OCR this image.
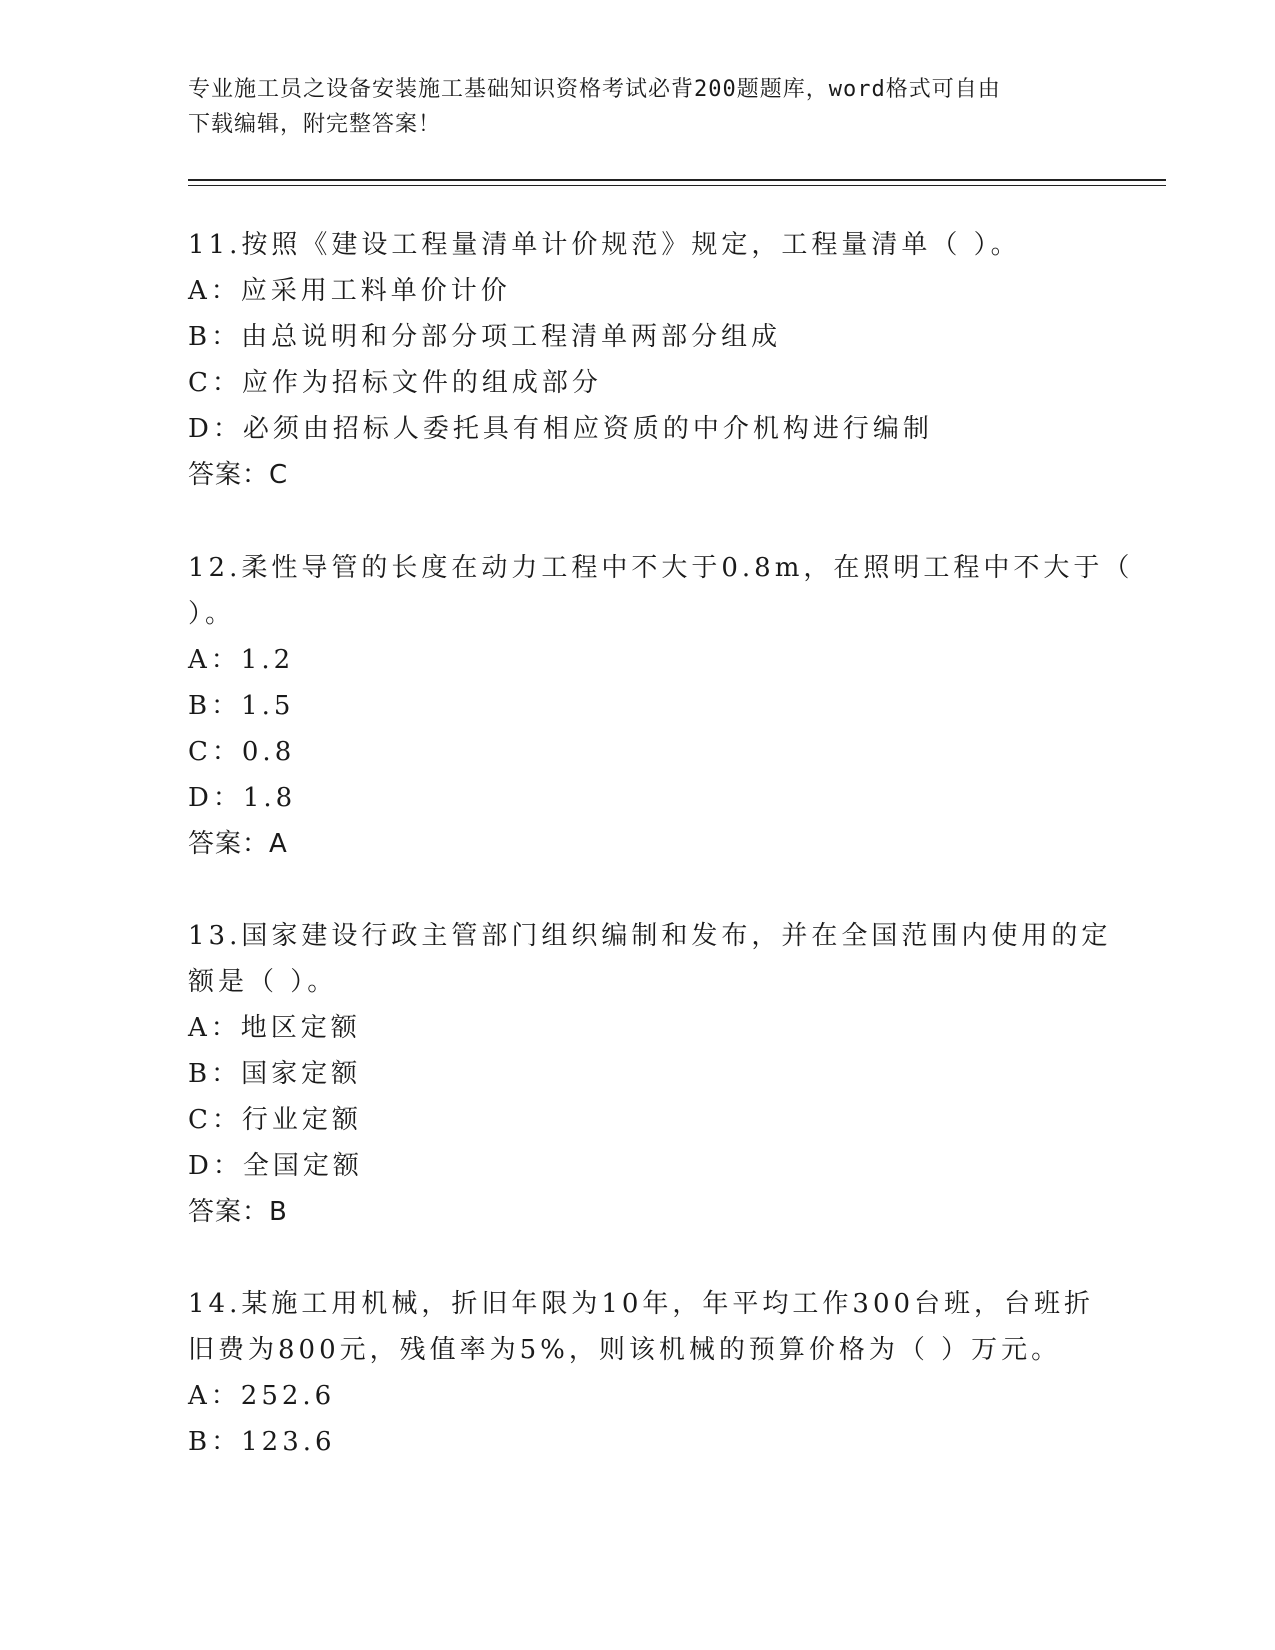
专业施工员之设备安装施工基础知识资格考试必背200题题库，word格式可自由
下载编辑，附完整答案！
11.按照《建设工程量清单计价规范》规定，工程量清单（ ）。
A：应采用工料单价计价
B：由总说明和分部分项工程清单两部分组成
C：应作为招标文件的组成部分
D：必须由招标人委托具有相应资质的中介机构进行编制
答案：C
12.柔性导管的长度在动力工程中不大于0.8m，在照明工程中不大于（
）。
A：1.2
B：1.5
C：0.8
D：1.8
答案：A
13.国家建设行政主管部门组织编制和发布，并在全国范围内使用的定
额是（ ）。
A：地区定额
B：国家定额
C：行业定额
D：全国定额
答案：B
14.某施工用机械，折旧年限为10年，年平均工作300台班，台班折
旧费为800元，残值率为5%，则该机械的预算价格为（ ）万元。
A：252.6
B：123.6
